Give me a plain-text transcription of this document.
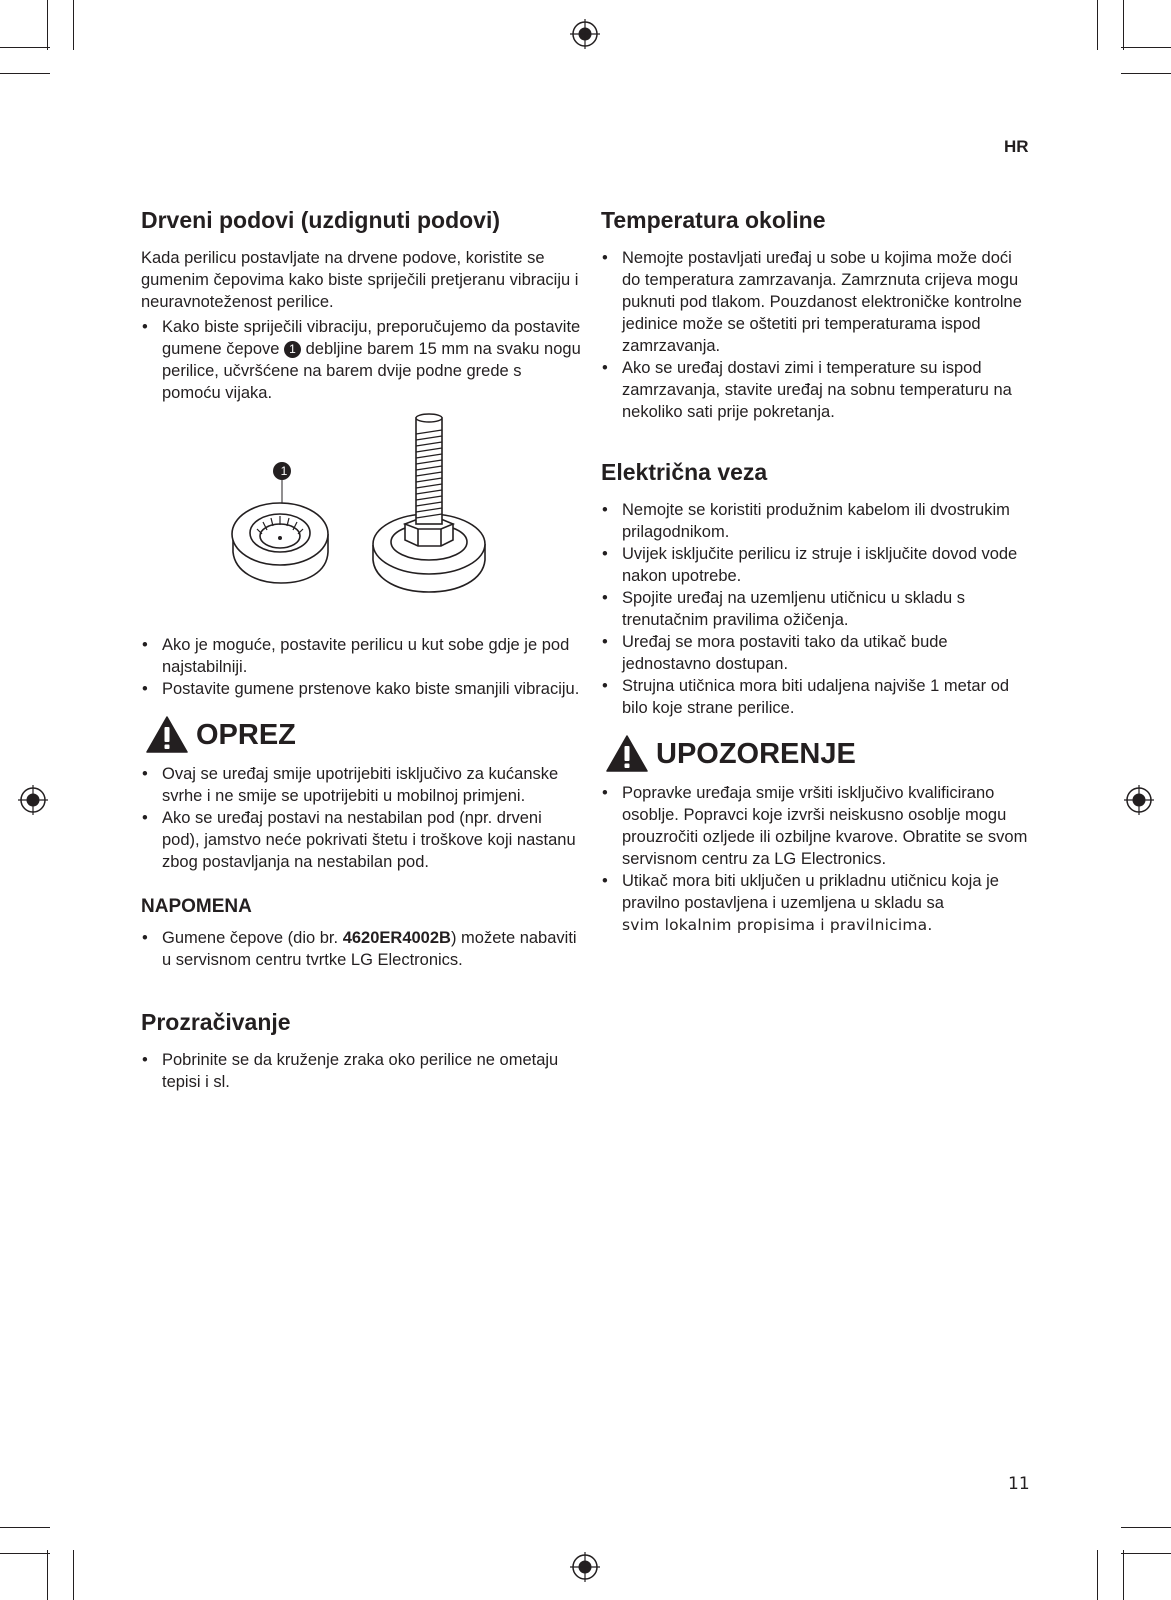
HR
Drveni podovi (uzdignuti podovi)

Kada perilicu postavljate na drvene podove, koristite se gumenim čepovima kako biste spriječili pretjeranu vibraciju i neuravnoteženost perilice.

• Kako biste spriječili vibraciju, preporučujemo da postavite gumene čepove 1 debljine barem 15 mm na svaku nogu perilice, učvršćene na barem dvije podne grede s pomoću vijaka.
1
• Ako je moguće, postavite perilicu u kut sobe gdje je pod najstabilniji.
• Postavite gumene prstenove kako biste smanjili vibraciju.
OPREZ
• Ovaj se uređaj smije upotrijebiti isključivo za kućanske svrhe i ne smije se upotrijebiti u mobilnoj primjeni.
• Ako se uređaj postavi na nestabilan pod (npr. drveni pod), jamstvo neće pokrivati štetu i troškove koji nastanu zbog postavljanja na nestabilan pod.
NAPOMENA
• Gumene čepove (dio br. 4620ER4002B) možete nabaviti u servisnom centru tvrtke LG Electronics.
Prozračivanje
• Pobrinite se da kruženje zraka oko perilice ne ometaju tepisi i sl.
Temperatura okoline
• Nemojte postavljati uređaj u sobe u kojima može doći do temperatura zamrzavanja. Zamrznuta crijeva mogu puknuti pod tlakom. Pouzdanost elektroničke kontrolne jedinice može se oštetiti pri temperaturama ispod zamrzavanja.
• Ako se uređaj dostavi zimi i temperature su ispod zamrzavanja, stavite uređaj na sobnu temperaturu na nekoliko sati prije pokretanja.
Električna veza
• Nemojte se koristiti produžnim kabelom ili dvostrukim prilagodnikom.
• Uvijek isključite perilicu iz struje i isključite dovod vode nakon upotrebe.
• Spojite uređaj na uzemljenu utičnicu u skladu s trenutačnim pravilima ožičenja.
• Uređaj se mora postaviti tako da utikač bude jednostavno dostupan.
• Strujna utičnica mora biti udaljena najviše 1 metar od bilo koje strane perilice.
UPOZORENJE
• Popravke uređaja smije vršiti isključivo kvalificirano osoblje. Popravci koje izvrši neiskusno osoblje mogu prouzročiti ozljede ili ozbiljne kvarove. Obratite se svom servisnom centru za LG Electronics.
• Utikač mora biti uključen u prikladnu utičnicu koja je pravilno postavljena i uzemljena u skladu sa
svim lokalnim propisima i pravilnicima.
11
